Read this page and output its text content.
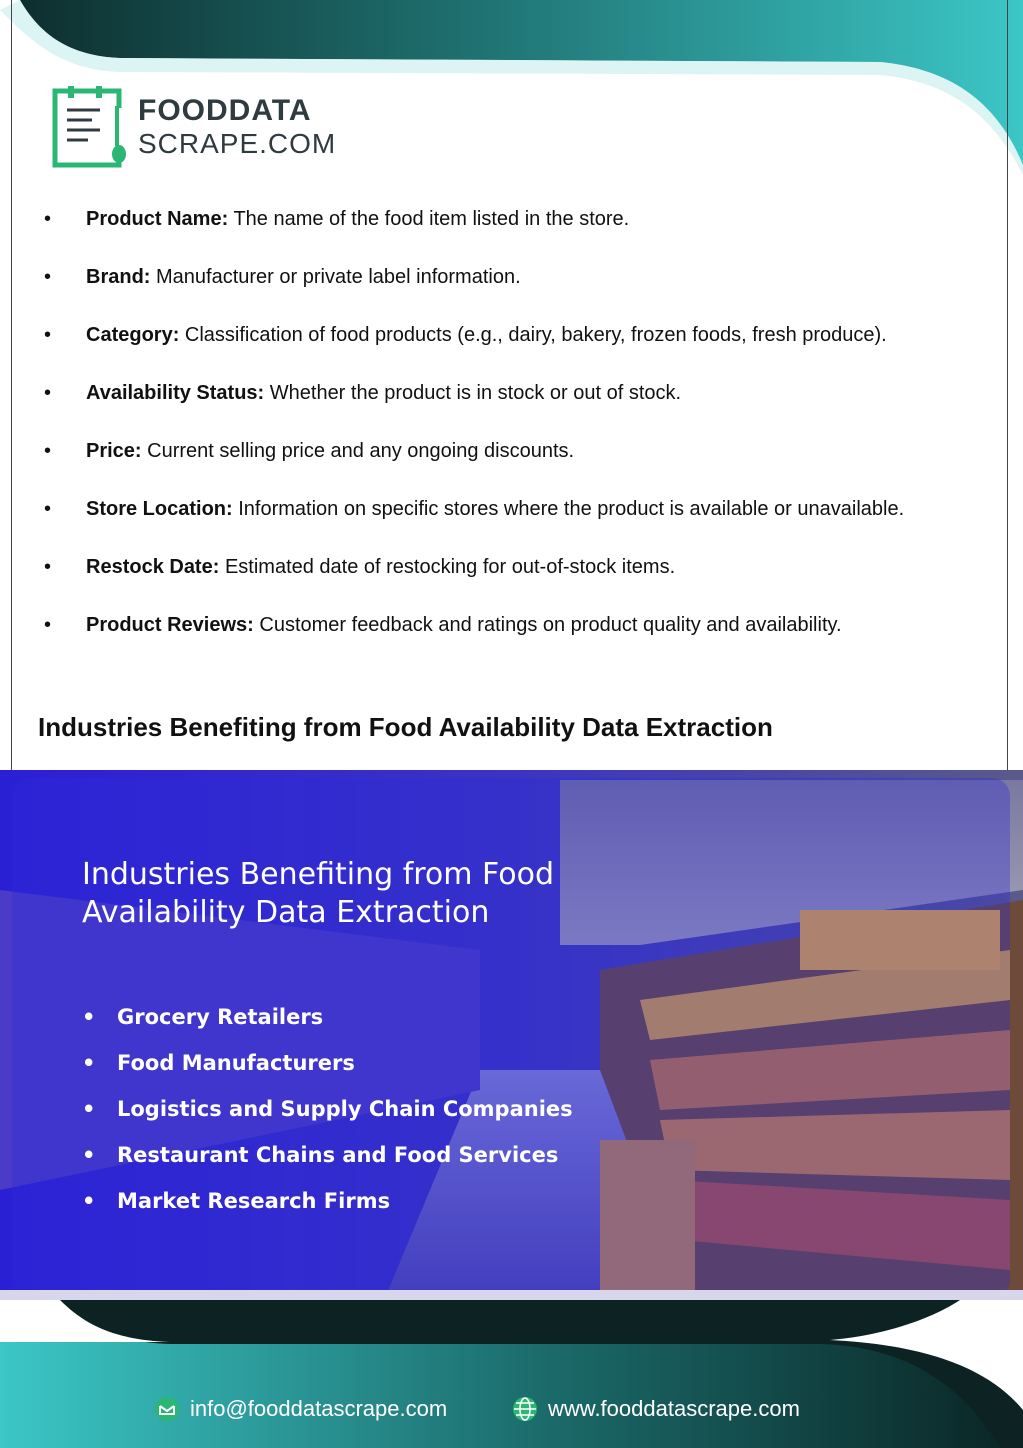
FOODDATA
SCRAPE.COM
• Product Name: The name of the food item listed in the store.
• Brand: Manufacturer or private label information.
• Category: Classification of food products (e.g., dairy, bakery, frozen foods, fresh produce).
• Availability Status: Whether the product is in stock or out of stock.
• Price: Current selling price and any ongoing discounts.
• Store Location: Information on specific stores where the product is available or unavailable.
• Restock Date: Estimated date of restocking for out-of-stock items.
• Product Reviews: Customer feedback and ratings on product quality and availability.
Industries Benefiting from Food Availability Data Extraction
Industries Benefiting from Food
Availability Data Extraction
• Grocery Retailers
• Food Manufacturers
• Logistics and Supply Chain Companies
• Restaurant Chains and Food Services
• Market Research Firms
info@fooddatascrape.com	www.fooddatascrape.com
